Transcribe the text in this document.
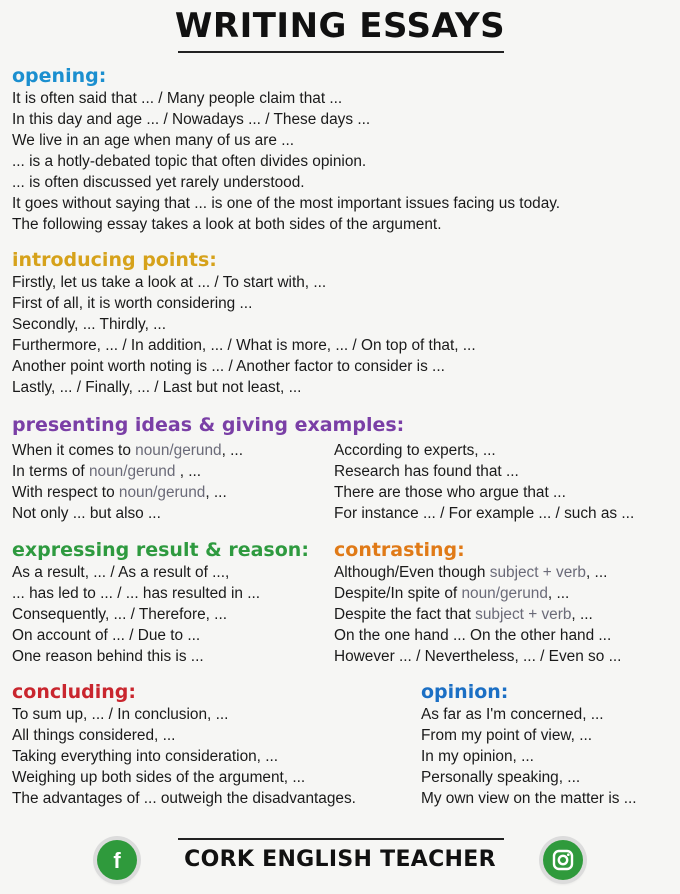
WRITING ESSAYS
opening:
It is often said that ... / Many people claim that ...
In this day and age ... / Nowadays ... / These days ...
We live in an age when many of us are ...
... is a hotly-debated topic that often divides opinion.
... is often discussed yet rarely understood.
It goes without saying that ... is one of the most important issues facing us today.
The following essay takes a look at both sides of the argument.
introducing points:
Firstly, let us take a look at ... / To start with, ...
First of all, it is worth considering ...
Secondly, ... Thirdly, ...
Furthermore, ... / In addition, ... / What is more, ... / On top of that, ...
Another point worth noting is ... / Another factor to consider is ...
Lastly, ... / Finally, ... / Last but not least, ...
presenting ideas & giving examples:
When it comes to noun/gerund, ...
In terms of noun/gerund , ...
With respect to noun/gerund, ...
Not only ... but also ...
According to experts, ...
Research has found that ...
There are those who argue that ...
For instance ... / For example ... / such as ...
expressing result & reason:
As a result, ... / As a result of ...,
... has led to ... / ... has resulted in ...
Consequently, ... / Therefore, ...
On account of ... / Due to ...
One reason behind this is ...
contrasting:
Although/Even though subject + verb, ...
Despite/In spite of noun/gerund, ...
Despite the fact that subject + verb, ...
On the one hand ... On the other hand ...
However ... / Nevertheless, ... / Even so ...
concluding:
To sum up, ... / In conclusion, ...
All things considered, ...
Taking everything into consideration, ...
Weighing up both sides of the argument, ...
The advantages of ... outweigh the disadvantages.
opinion:
As far as I'm concerned, ...
From my point of view, ...
In my opinion, ...
Personally speaking, ...
My own view on the matter is ...
f	CORK ENGLISH TEACHER
